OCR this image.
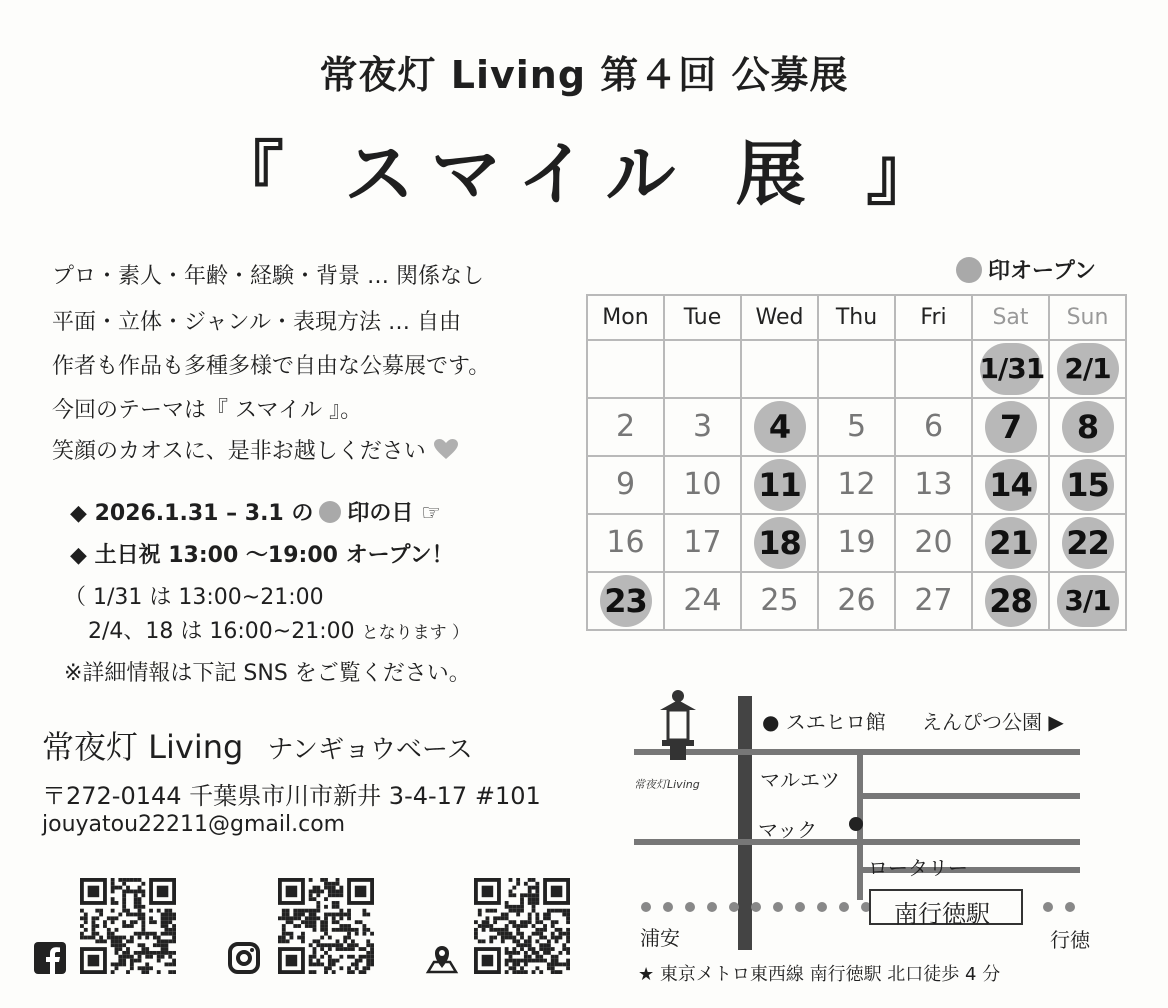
常夜灯 Living 第４回 公募展
『 スマイル 展 』
プロ・素人・年齢・経験・背景 … 関係なし
平面・立体・ジャンル・表現方法 … 自由
作者も作品も多種多様で自由な公募展です。
今回のテーマは『 スマイル 』。
笑顔のカオスに、是非お越しください
◆ 2026.1.31 – 3.1 の 印の日 ☞
◆ 土日祝 13:00 〜19:00 オープン！
（ 1/31 は 13:00~21:00
2/4、18 は 16:00~21:00 となります ）
※詳細情報は下記 SNS をご覧ください。
印オープン
Mon	Tue	Wed	Thu	Fri	Sat	Sun
					1/31	2/1
2	3	4	5	6	7	8
9	10	11	12	13	14	15
16	17	18	19	20	21	22
23	24	25	26	27	28	3/1
常夜灯 Living ナンギョウベース
〒272-0144 千葉県市川市新井 3-4-17 #101
jouyatou22211@gmail.com
● スエヒロ館 えんぴつ公園 ▶
マルエツ
マック
ロータリー
南行徳駅
浦安	行徳
常夜灯Living
★ 東京メトロ東西線 南行徳駅 北口徒歩 4 分
